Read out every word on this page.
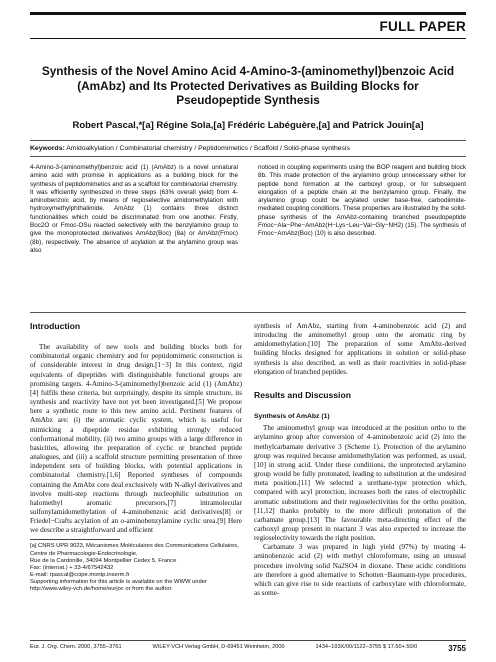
FULL PAPER
Synthesis of the Novel Amino Acid 4-Amino-3-(aminomethyl)benzoic Acid (AmAbz) and Its Protected Derivatives as Building Blocks for Pseudopeptide Synthesis
Robert Pascal,*[a] Régine Sola,[a] Frédéric Labéguère,[a] and Patrick Jouin[a]
Keywords: Amidoalkylation / Combinatorial chemistry / Peptidomimetics / Scaffold / Solid-phase synthesis
4-Amino-3-(aminomethyl)benzoic acid (1) (AmAbz) is a novel unnatural amino acid with promise in applications as a building block for the synthesis of peptidomimetics and as a scaffold for combinatorial chemistry. It was efficiently synthesized in three steps (63% overall yield) from 4-aminobenzoic acid, by means of regioselective amidomethylation with hydroxymethylphthalimide. AmAbz (1) contains three distinct functionalities which could be discriminated from one another. Firstly, Boc2O or Fmoc-OSu reacted selectively with the benzylamino group to give the monoprotected derivatives AmAbz(Boc) (8a) or AmAbz(Fmoc) (8b), respectively. The absence of acylation at the arylamino group was also
noticed in coupling experiments using the BOP reagent and building block 8b. This made protection of the arylamino group unnecessary either for peptide bond formation at the carboxyl group, or for subsequent elongation of a peptide chain at the benzylamino group. Finally, the arylamino group could be acylated under base-free, carbodiimide-mediated coupling conditions. These properties are illustrated by the solid-phase synthesis of the AmAbz-containing branched pseudopeptide Fmoc−Ala−Phe−AmAbz(H−Lys−Leu−Val−Gly−NH2) (15). The synthesis of Fmoc−AmAbz(Boc) (10) is also described.
Introduction

The availability of new tools and building blocks both for combinatorial organic chemistry and for peptidomimetic construction is of considerable interest in drug design.[1−3] In this context, rigid equivalents of dipeptides with distinguishable functional groups are promising targets. 4-Amino-3-(aminomethyl)benzoic acid (1) (AmAbz)[4] fulfils these criteria, but surprisingly, despite its simple structure, its synthesis and reactivity have not yet been investigated.[5] We propose here a synthetic route to this new amino acid. Pertinent features of AmAbz are: (i) the aromatic cyclic system, which is useful for mimicking a dipeptide residue exhibiting strongly reduced conformational mobility, (ii) two amino groups with a large difference in basicities, allowing the preparation of cyclic or branched peptide analogues, and (iii) a scaffold structure permitting presentation of three independent sets of building blocks, with potential applications in combinatorial chemistry.[1,6] Reported syntheses of compounds containing the AmAbz core deal exclusively with N-alkyl derivatives and involve multi-step reactions through nucleophilic substitution on halomethyl aromatic precursors,[7] intramolecular sulfonylamidomethylation of 4-aminobenzoic acid derivatives[8] or Friedel−Crafts acylation of an o-aminobenzylamine cyclic urea.[9] Here we describe a straightforward and efficient

[a] CNRS UPR 9023, Mécanismes Moléculaires des Communications Cellulaires, Centre de Pharmacologie-Endocrinologie,
Rue de la Cardonille, 34094 Montpellier Cedex 5, France
Fax: (internat.) + 33-4/67542432
E-mail: rpascal@ccipe.montp.inserm.fr
Supporting information for this article is available on the WWW under http://www.wiley-vch.de/home/eurjoc or from the author.

synthesis of AmAbz, starting from 4-aminobenzoic acid (2) and introducing the aminomethyl group onto the aromatic ring by amidomethylation.[10] The preparation of some AmAbz-derived building blocks designed for applications in solution or solid-phase synthesis is also described, as well as their reactivities in solid-phase elongation of branched peptides.

Results and Discussion
Synthesis of AmAbz (1)

The aminomethyl group was introduced at the position ortho to the arylamino group after conversion of 4-aminobenzoic acid (2) into the methylcarbamate derivative 3 (Scheme 1). Protection of the arylamino group was required because amidomethylation was performed, as usual,[10] in strong acid. Under these conditions, the unprotected arylamino group would be fully protonated, leading to substitution at the undesired meta position.[11] We selected a urethane-type protection which, compared with acyl protection, increases both the rates of electrophilic aromatic substitutions and their regioselectivities for the ortho position,[11,12] thanks probably to the more difficult protonation of the carbamate group.[13] The favourable meta-directing effect of the carboxyl group present in reactant 3 was also expected to increase the regioselectivity towards the right position.

Carbamate 3 was prepared in high yield (97%) by treating 4-aminobenzoic acid (2) with methyl chloroformate, using an unusual procedure involving solid Na2SO4 in dioxane. These acidic conditions are therefore a good alternative to Schotten−Baumann-type procedures, which can give rise to side reactions of carboxylate with chloroformate, as some-

Eur. J. Org. Chem. 2000, 3755−3761	WILEY-VCH Verlag GmbH, D-69451 Weinheim, 2000	1434−193X/00/1122−3755 $ 17.50+.50/0	3755
